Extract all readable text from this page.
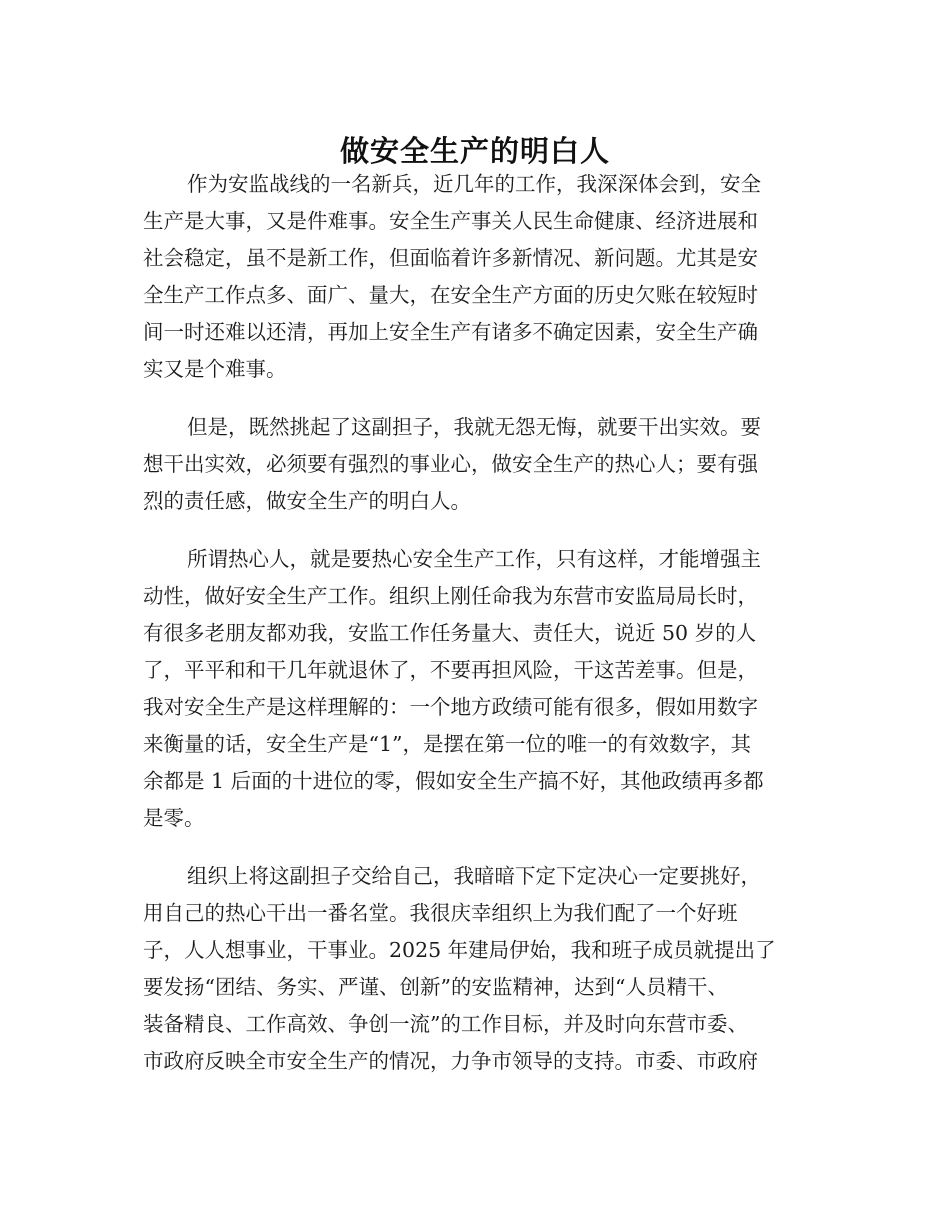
做安全生产的明白人
作为安监战线的一名新兵，近几年的工作，我深深体会到，安全
生产是大事，又是件难事。安全生产事关人民生命健康、经济进展和
社会稳定，虽不是新工作，但面临着许多新情况、新问题。尤其是安
全生产工作点多、面广、量大，在安全生产方面的历史欠账在较短时
间一时还难以还清，再加上安全生产有诸多不确定因素，安全生产确
实又是个难事。
但是，既然挑起了这副担子，我就无怨无悔，就要干出实效。要
想干出实效，必须要有强烈的事业心，做安全生产的热心人；要有强
烈的责任感，做安全生产的明白人。
所谓热心人，就是要热心安全生产工作，只有这样，才能增强主
动性，做好安全生产工作。组织上刚任命我为东营市安监局局长时，
有很多老朋友都劝我，安监工作任务量大、责任大，说近 50 岁的人
了，平平和和干几年就退休了，不要再担风险，干这苦差事。但是，
我对安全生产是这样理解的：一个地方政绩可能有很多，假如用数字
来衡量的话，安全生产是“1”，是摆在第一位的唯一的有效数字，其
余都是 1 后面的十进位的零，假如安全生产搞不好，其他政绩再多都
是零。
组织上将这副担子交给自己，我暗暗下定下定决心一定要挑好，
用自己的热心干出一番名堂。我很庆幸组织上为我们配了一个好班
子，人人想事业，干事业。2025 年建局伊始，我和班子成员就提出了
要发扬“团结、务实、严谨、创新”的安监精神，达到“人员精干、
装备精良、工作高效、争创一流”的工作目标，并及时向东营市委、
市政府反映全市安全生产的情况，力争市领导的支持。市委、市政府
